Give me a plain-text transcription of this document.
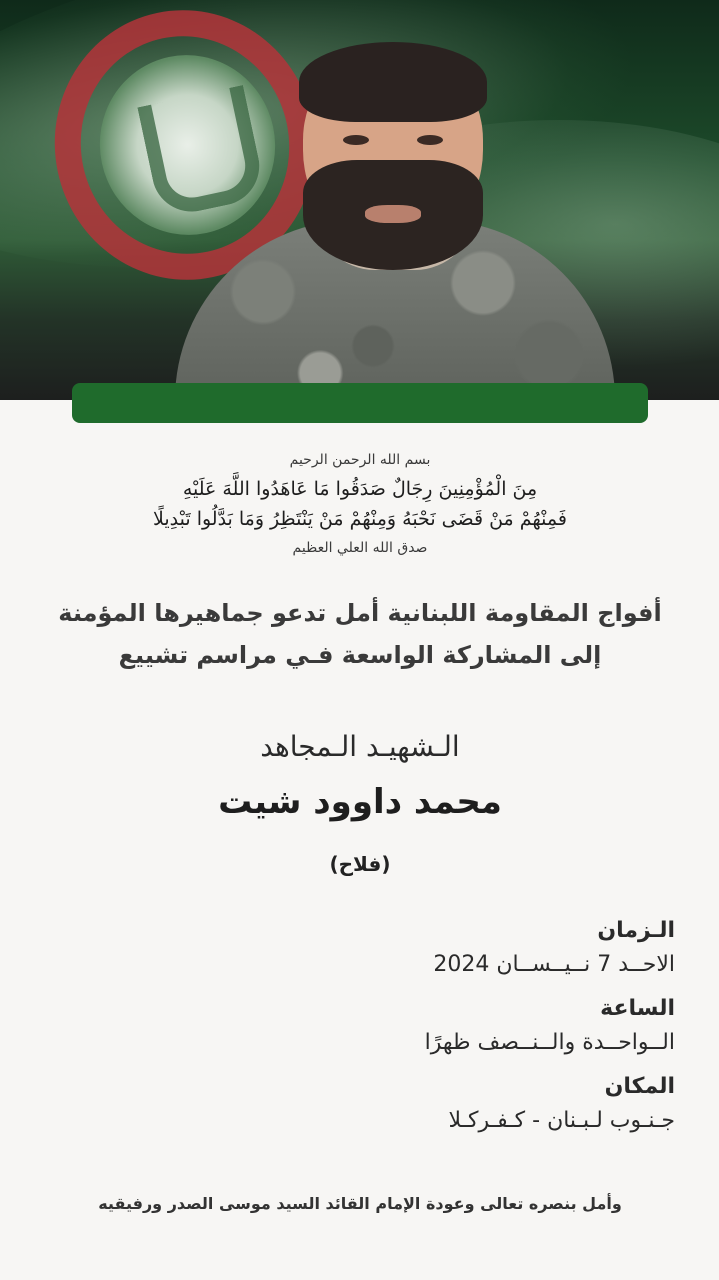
بسم الله الرحمن الرحيم

مِنَ الْمُؤْمِنِينَ رِجَالٌ صَدَقُوا مَا عَاهَدُوا اللَّهَ عَلَيْهِ

فَمِنْهُمْ مَنْ قَضَى نَحْبَهُ وَمِنْهُمْ مَنْ يَنْتَظِرُ وَمَا بَدَّلُوا تَبْدِيلًا

صدق الله العلي العظيم

أفواج المقاومة اللبنانية أمل تدعو جماهيرها المؤمنة
إلى المشاركة الواسعة فـي مراسم تشييع
الـشهيـد الـمجاهد
محمد داوود شيت
(فلاح)

الـزمان

الاحــد 7 نــيــســان 2024

الساعة

الــواحــدة والــنــصف ظهرًا

المكان

جـنـوب لـبـنان - كـفـركـلا

وأمل بنصره تعالى وعودة الإمام القائد السيد موسى الصدر ورفيقيه
